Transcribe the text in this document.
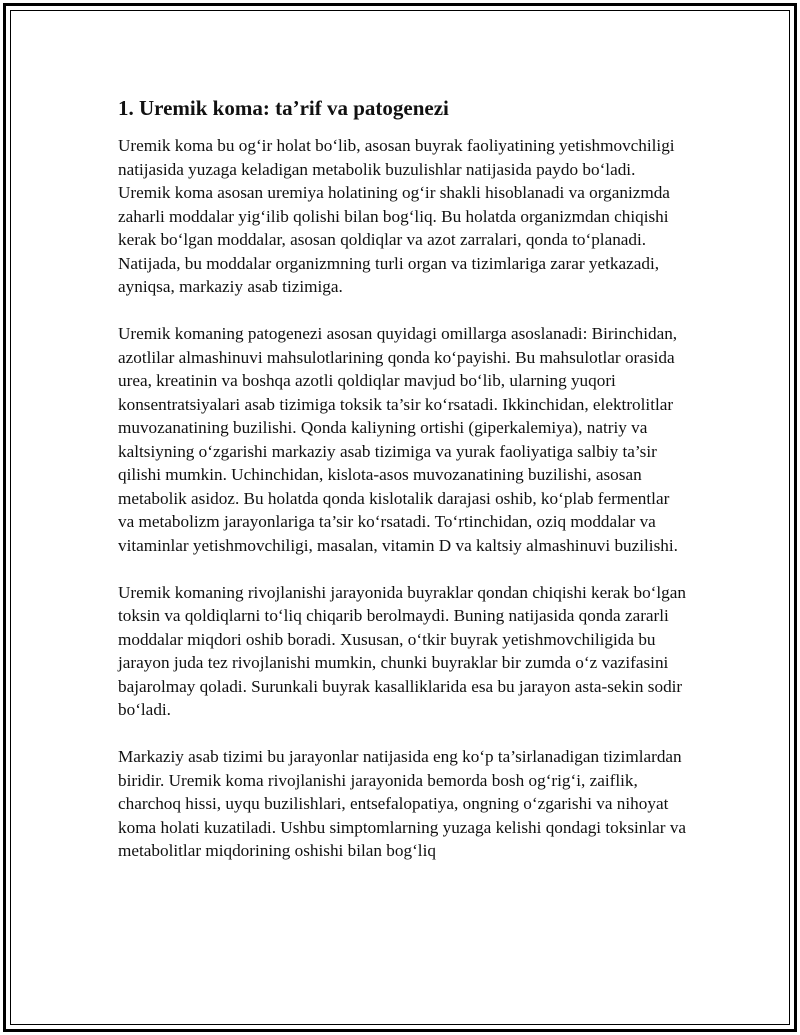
1. Uremik koma: ta’rif va patogenezi

Uremik koma bu og‘ir holat bo‘lib, asosan buyrak faoliyatining yetishmovchiligi natijasida yuzaga keladigan metabolik buzulishlar natijasida paydo bo‘ladi. Uremik koma asosan uremiya holatining og‘ir shakli hisoblanadi va organizmda zaharli moddalar yig‘ilib qolishi bilan bog‘liq. Bu holatda organizmdan chiqishi kerak bo‘lgan moddalar, asosan qoldiqlar va azot zarralari, qonda to‘planadi. Natijada, bu moddalar organizmning turli organ va tizimlariga zarar yetkazadi, ayniqsa, markaziy asab tizimiga.

Uremik komaning patogenezi asosan quyidagi omillarga asoslanadi: Birinchidan, azotlilar almashinuvi mahsulotlarining qonda ko‘payishi. Bu mahsulotlar orasida urea, kreatinin va boshqa azotli qoldiqlar mavjud bo‘lib, ularning yuqori konsentratsiyalari asab tizimiga toksik ta’sir ko‘rsatadi. Ikkinchidan, elektrolitlar muvozanatining buzilishi. Qonda kaliyning ortishi (giperkalemiya), natriy va kaltsiyning o‘zgarishi markaziy asab tizimiga va yurak faoliyatiga salbiy ta’sir qilishi mumkin. Uchinchidan, kislota-asos muvozanatining buzilishi, asosan metabolik asidoz. Bu holatda qonda kislotalik darajasi oshib, ko‘plab fermentlar va metabolizm jarayonlariga ta’sir ko‘rsatadi. To‘rtinchidan, oziq moddalar va vitaminlar yetishmovchiligi, masalan, vitamin D va kaltsiy almashinuvi buzilishi.

Uremik komaning rivojlanishi jarayonida buyraklar qondan chiqishi kerak bo‘lgan toksin va qoldiqlarni to‘liq chiqarib berolmaydi. Buning natijasida qonda zararli moddalar miqdori oshib boradi. Xususan, o‘tkir buyrak yetishmovchiligida bu jarayon juda tez rivojlanishi mumkin, chunki buyraklar bir zumda o‘z vazifasini bajarolmay qoladi. Surunkali buyrak kasalliklarida esa bu jarayon asta-sekin sodir bo‘ladi.

Markaziy asab tizimi bu jarayonlar natijasida eng ko‘p ta’sirlanadigan tizimlardan biridir. Uremik koma rivojlanishi jarayonida bemorda bosh og‘rig‘i, zaiflik, charchoq hissi, uyqu buzilishlari, entsefalopatiya, ongning o‘zgarishi va nihoyat koma holati kuzatiladi. Ushbu simptomlarning yuzaga kelishi qondagi toksinlar va metabolitlar miqdorining oshishi bilan bog‘liq
